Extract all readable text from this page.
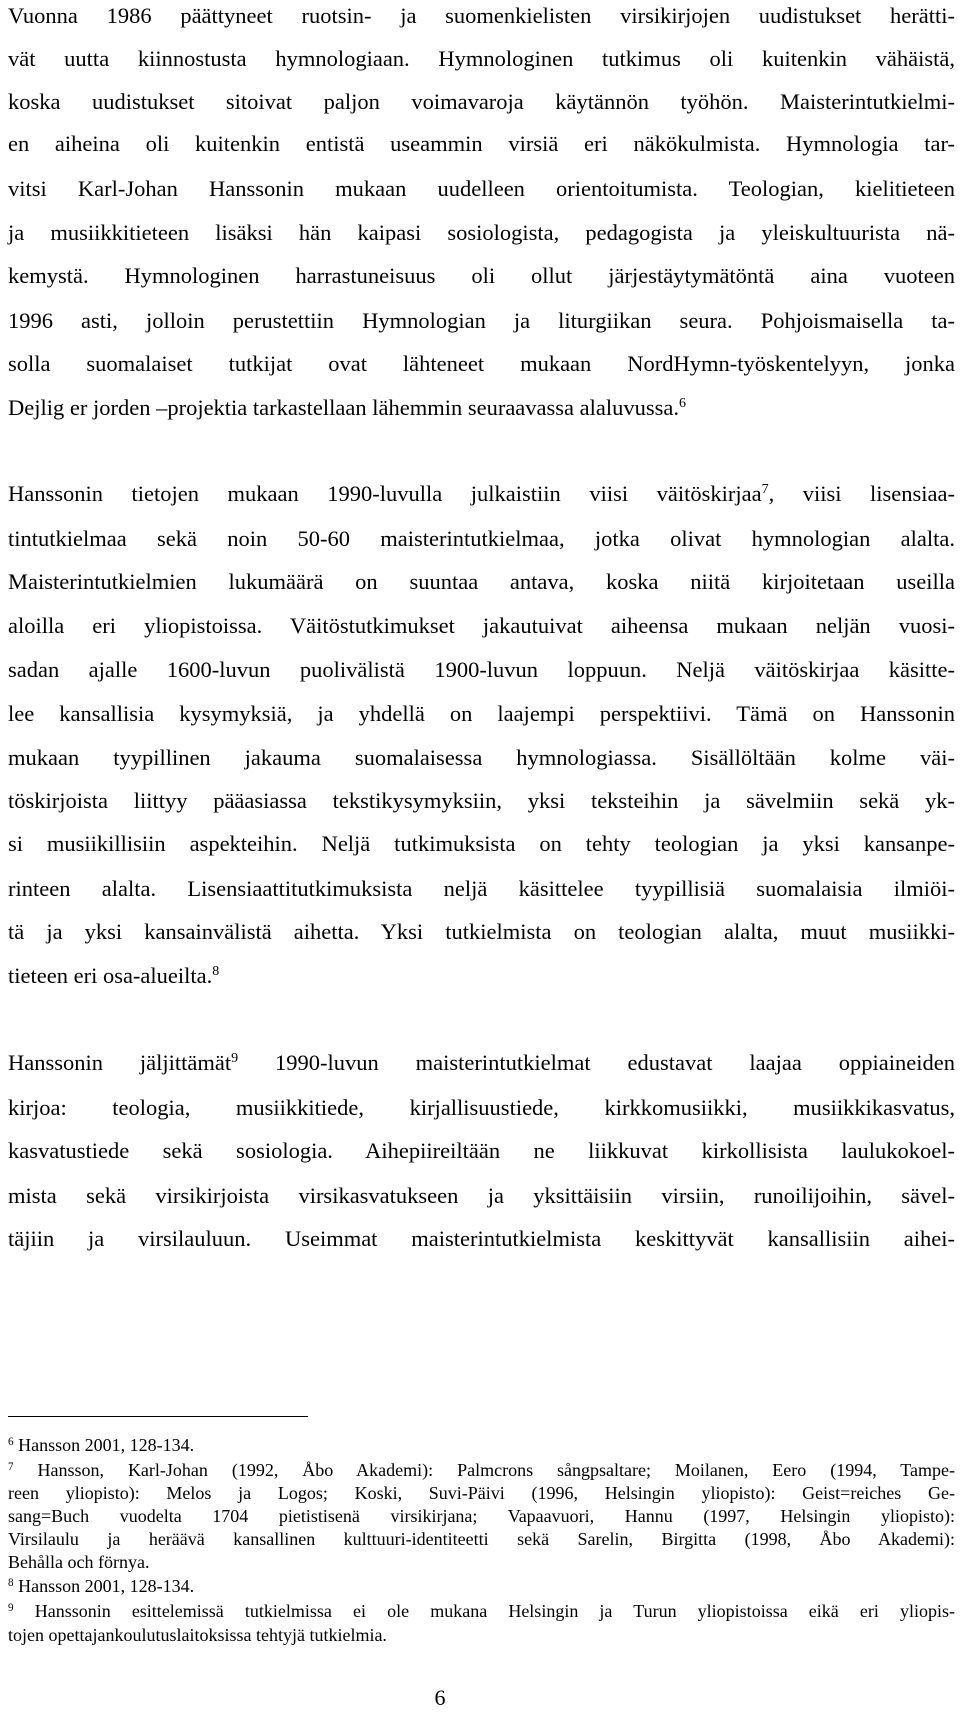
Vuonna 1986 päättyneet ruotsin- ja suomenkielisten virsikirjojen uudistukset herätti-

vät uutta kiinnostusta hymnologiaan. Hymnologinen tutkimus oli kuitenkin vähäistä,

koska uudistukset sitoivat paljon voimavaroja käytännön työhön. Maisterintutkielmi-

en aiheina oli kuitenkin entistä useammin virsiä eri näkökulmista. Hymnologia tar-

vitsi Karl-Johan Hanssonin mukaan uudelleen orientoitumista. Teologian, kielitieteen

ja musiikkitieteen lisäksi hän kaipasi sosiologista, pedagogista ja yleiskultuurista nä-

kemystä. Hymnologinen harrastuneisuus oli ollut järjestäytymätöntä aina vuoteen

1996 asti, jolloin perustettiin Hymnologian ja liturgiikan seura. Pohjoismaisella ta-

solla suomalaiset tutkijat ovat lähteneet mukaan NordHymn-työskentelyyn, jonka

Dejlig er jorden –projektia tarkastellaan lähemmin seuraavassa alaluvussa.$^6$

Hanssonin tietojen mukaan 1990-luvulla julkaistiin viisi väitöskirjaa$^7$, viisi lisensiaa-

tintutkielmaa sekä noin 50-60 maisterintutkielmaa, jotka olivat hymnologian alalta.

Maisterintutkielmien lukumäärä on suuntaa antava, koska niitä kirjoitetaan useilla

aloilla eri yliopistoissa. Väitöstutkimukset jakautuivat aiheensa mukaan neljän vuosi-

sadan ajalle 1600-luvun puolivälistä 1900-luvun loppuun. Neljä väitöskirjaa käsitte-

lee kansallisia kysymyksiä, ja yhdellä on laajempi perspektiivi. Tämä on Hanssonin

mukaan tyypillinen jakauma suomalaisessa hymnologiassa. Sisällöltään kolme väi-

töskirjoista liittyy pääasiassa tekstikysymyksiin, yksi teksteihin ja sävelmiin sekä yk-

si musiikillisiin aspekteihin. Neljä tutkimuksista on tehty teologian ja yksi kansanpe-

rinteen alalta. Lisensiaattitutkimuksista neljä käsittelee tyypillisiä suomalaisia ilmiöi-

tä ja yksi kansainvälistä aihetta. Yksi tutkielmista on teologian alalta, muut musiikki-

tieteen eri osa-alueilta.$^8$

Hanssonin jäljittämät$^9$ 1990-luvun maisterintutkielmat edustavat laajaa oppiaineiden

kirjoa: teologia, musiikkitiede, kirjallisuustiede, kirkkomusiikki, musiikkikasvatus,

kasvatustiede sekä sosiologia. Aihepiireiltään ne liikkuvat kirkollisista laulukokoel-

mista sekä virsikirjoista virsikasvatukseen ja yksittäisiin virsiin, runoilijoihin, sävel-

täjiin ja virsilauluun. Useimmat maisterintutkielmista keskittyvät kansallisiin aihei-

$^6$ Hansson 2001, 128-134.

$^7$ Hansson, Karl-Johan (1992, Åbo Akademi): Palmcrons sångpsaltare; Moilanen, Eero (1994, Tampe-

reen yliopisto): Melos ja Logos; Koski, Suvi-Päivi (1996, Helsingin yliopisto): Geist=reiches Ge-

sang=Buch vuodelta 1704 pietistisenä virsikirjana; Vapaavuori, Hannu (1997, Helsingin yliopisto):

Virsilaulu ja heräävä kansallinen kulttuuri-identiteetti sekä Sarelin, Birgitta (1998, Åbo Akademi):

Behålla och förnya.

$^8$ Hansson 2001, 128-134.

$^9$ Hanssonin esittelemissä tutkielmissa ei ole mukana Helsingin ja Turun yliopistoissa eikä eri yliopis-

tojen opettajankoulutuslaitoksissa tehtyjä tutkielmia.

6
